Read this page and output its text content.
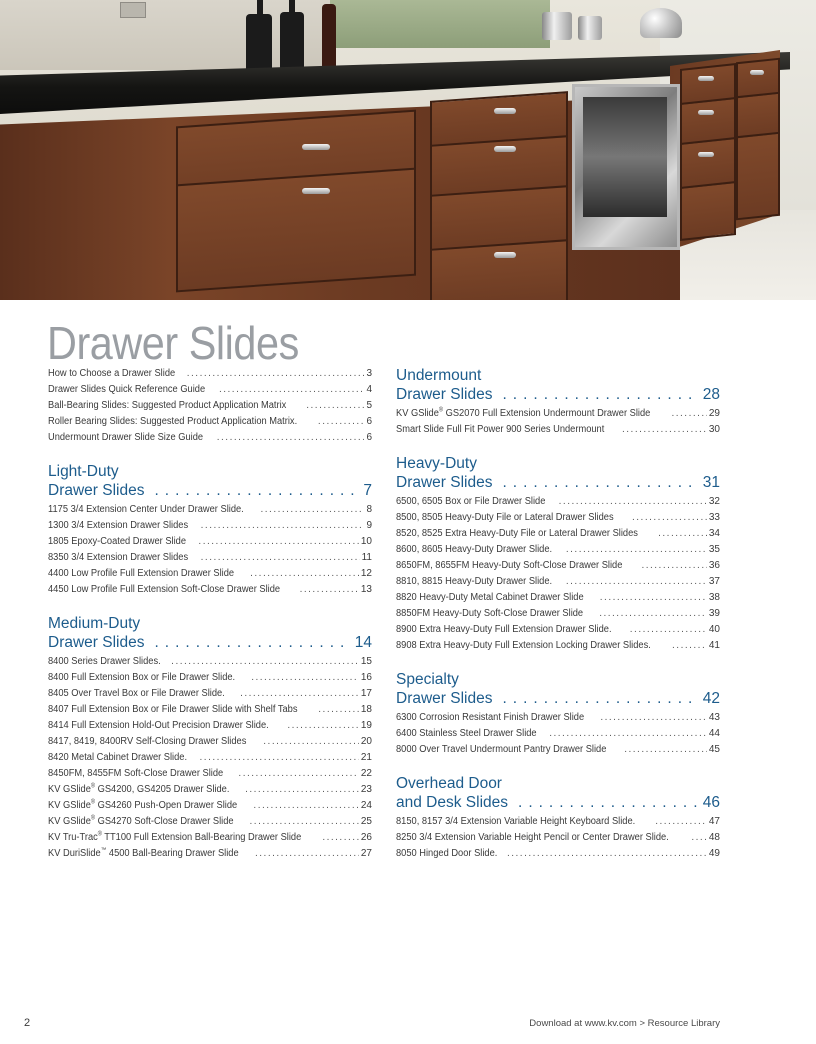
Drawer Slides
How to Choose a Drawer Slide .....	3
Drawer Slides Quick Reference Guide .....	4
Ball-Bearing Slides: Suggested Product Application Matrix .....	5
Roller Bearing Slides: Suggested Product Application Matrix. .....	6
Undermount Drawer Slide Size Guide .....	6
Light-Duty
Drawer Slides .....	7
1175 3/4 Extension Center Under Drawer Slide. .....	8
1300 3/4 Extension Drawer Slides .....	9
1805 Epoxy-Coated Drawer Slide .....	10
8350 3/4 Extension Drawer Slides .....	11
4400 Low Profile Full Extension Drawer Slide .....	12
4450 Low Profile Full Extension Soft-Close Drawer Slide .....	13
Medium-Duty
Drawer Slides .....	14
8400 Series Drawer Slides. .....	15
8400 Full Extension Box or File Drawer Slide. .....	16
8405 Over Travel Box or File Drawer Slide. .....	17
8407 Full Extension Box or File Drawer Slide with Shelf Tabs .....	18
8414 Full Extension Hold-Out Precision Drawer Slide. .....	19
8417, 8419, 8400RV Self-Closing Drawer Slides .....	20
8420 Metal Cabinet Drawer Slide. .....	21
8450FM, 8455FM Soft-Close Drawer Slide .....	22
KV GSlide® GS4200, GS4205 Drawer Slide. .....	23
KV GSlide® GS4260 Push-Open Drawer Slide .....	24
KV GSlide® GS4270 Soft-Close Drawer Slide .....	25
KV Tru-Trac® TT100 Full Extension Ball-Bearing Drawer Slide .....	26
KV DuriSlide™ 4500 Ball-Bearing Drawer Slide .....	27
Undermount
Drawer Slides .....	28
KV GSlide® GS2070 Full Extension Undermount Drawer Slide .....	29
Smart Slide Full Fit Power 900 Series Undermount .....	30
Heavy-Duty
Drawer Slides .....	31
6500, 6505 Box or File Drawer Slide .....	32
8500, 8505 Heavy-Duty File or Lateral Drawer Slides .....	33
8520, 8525 Extra Heavy-Duty File or Lateral Drawer Slides .....	34
8600, 8605 Heavy-Duty Drawer Slide. .....	35
8650FM, 8655FM Heavy-Duty Soft-Close Drawer Slide .....	36
8810, 8815 Heavy-Duty Drawer Slide. .....	37
8820 Heavy-Duty Metal Cabinet Drawer Slide .....	38
8850FM Heavy-Duty Soft-Close Drawer Slide .....	39
8900 Extra Heavy-Duty Full Extension Drawer Slide. .....	40
8908 Extra Heavy-Duty Full Extension Locking Drawer Slides. .....	41
Specialty
Drawer Slides .....	42
6300 Corrosion Resistant Finish Drawer Slide .....	43
6400 Stainless Steel Drawer Slide .....	44
8000 Over Travel Undermount Pantry Drawer Slide .....	45
Overhead Door
and Desk Slides .....	46
8150, 8157 3/4 Extension Variable Height Keyboard Slide. .....	47
8250 3/4 Extension Variable Height Pencil or Center Drawer Slide. .....	48
8050 Hinged Door Slide. .....	49
2	Download at www.kv.com > Resource Library
